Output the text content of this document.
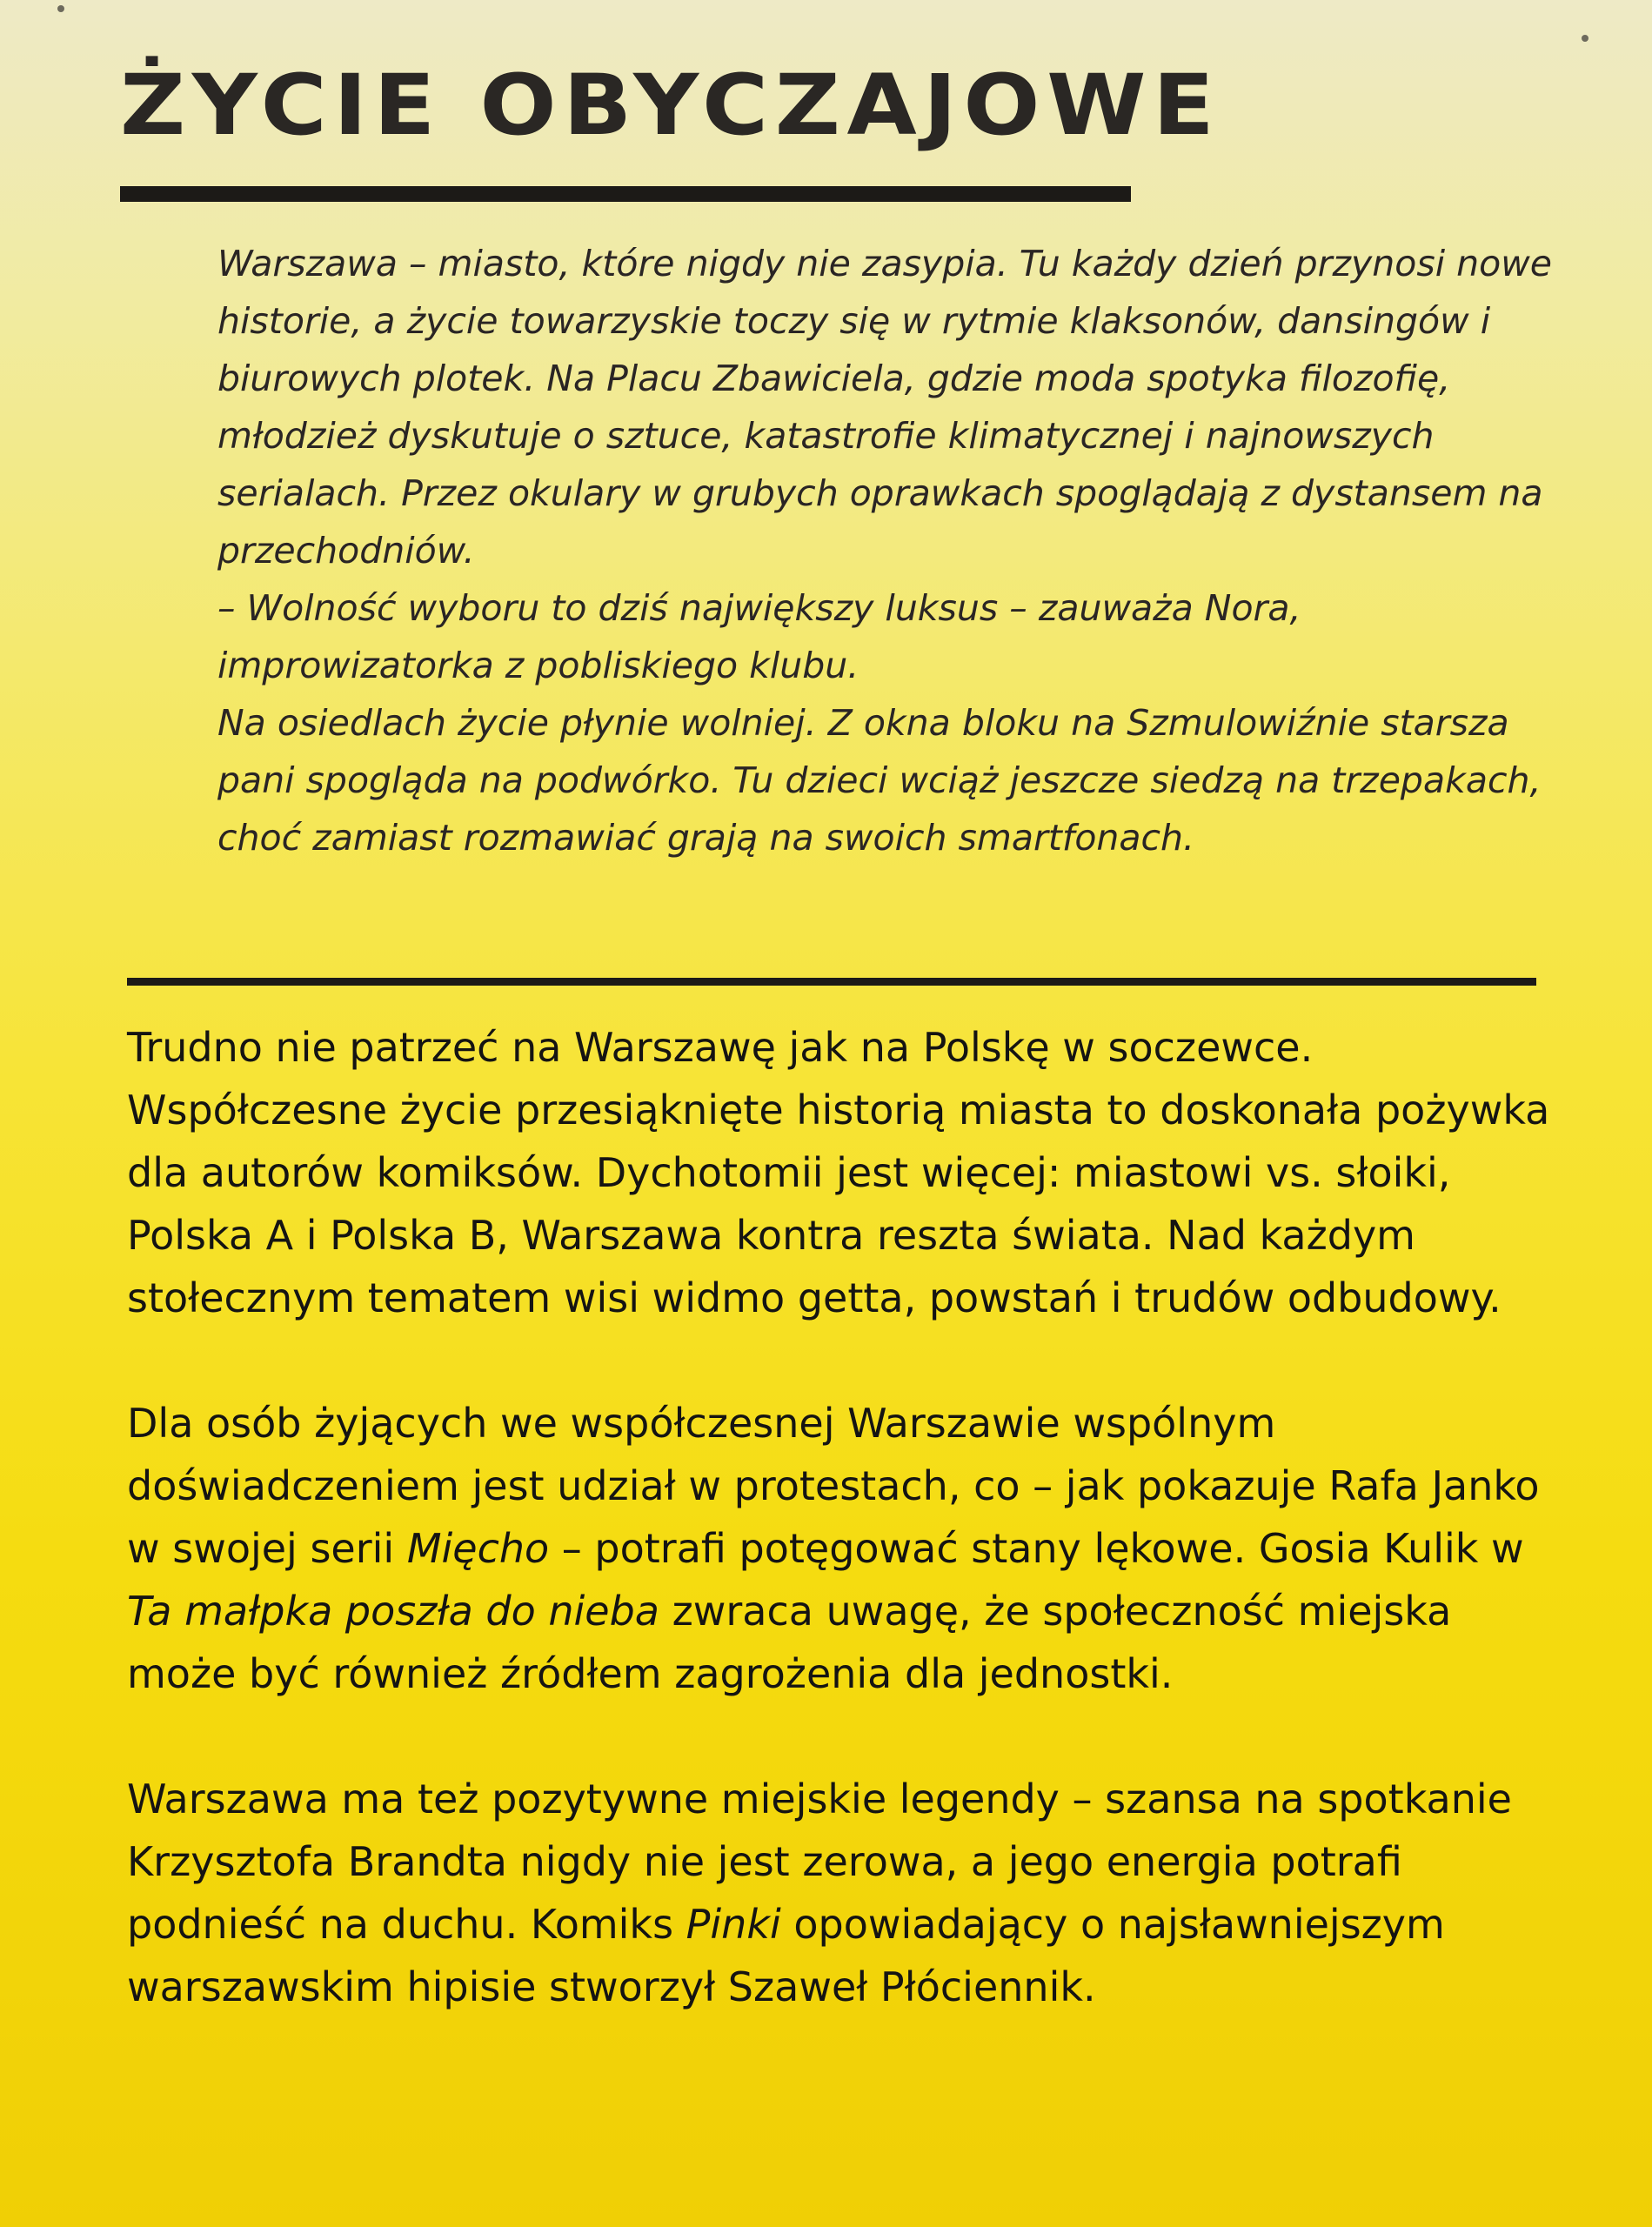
ŻYCIE OBYCZAJOWE

Warszawa – miasto, które nigdy nie zasypia. Tu każdy dzień przynosi nowe historie, a życie towarzyskie toczy się w rytmie klaksonów, dansingów i biurowych plotek. Na Placu Zbawiciela, gdzie moda spotyka filozofię, młodzież dyskutuje o sztuce, katastrofie klimatycznej i najnowszych serialach. Przez okulary w grubych oprawkach spoglądają z dystansem na przechodniów.

– Wolność wyboru to dziś największy luksus – zauważa Nora, improwizatorka z pobliskiego klubu.

Na osiedlach życie płynie wolniej. Z okna bloku na Szmulowiźnie starsza pani spogląda na podwórko. Tu dzieci wciąż jeszcze siedzą na trzepakach, choć zamiast rozmawiać grają na swoich smartfonach.

Trudno nie patrzeć na Warszawę jak na Polskę w soczewce. Współczesne życie przesiąknięte historią miasta to doskonała pożywka dla autorów komiksów. Dychotomii jest więcej: miastowi vs. słoiki, Polska A i Polska B, Warszawa kontra reszta świata. Nad każdym stołecznym tematem wisi widmo getta, powstań i trudów odbudowy.

Dla osób żyjących we współczesnej Warszawie wspólnym doświadczeniem jest udział w protestach, co – jak pokazuje Rafa Janko w swojej serii Mięcho – potrafi potęgować stany lękowe. Gosia Kulik w Ta małpka poszła do nieba zwraca uwagę, że społeczność miejska może być również źródłem zagrożenia dla jednostki.

Warszawa ma też pozytywne miejskie legendy – szansa na spotkanie Krzysztofa Brandta nigdy nie jest zerowa, a jego energia potrafi podnieść na duchu. Komiks Pinki opowiadający o najsławniejszym warszawskim hipisie stworzył Szaweł Płóciennik.
